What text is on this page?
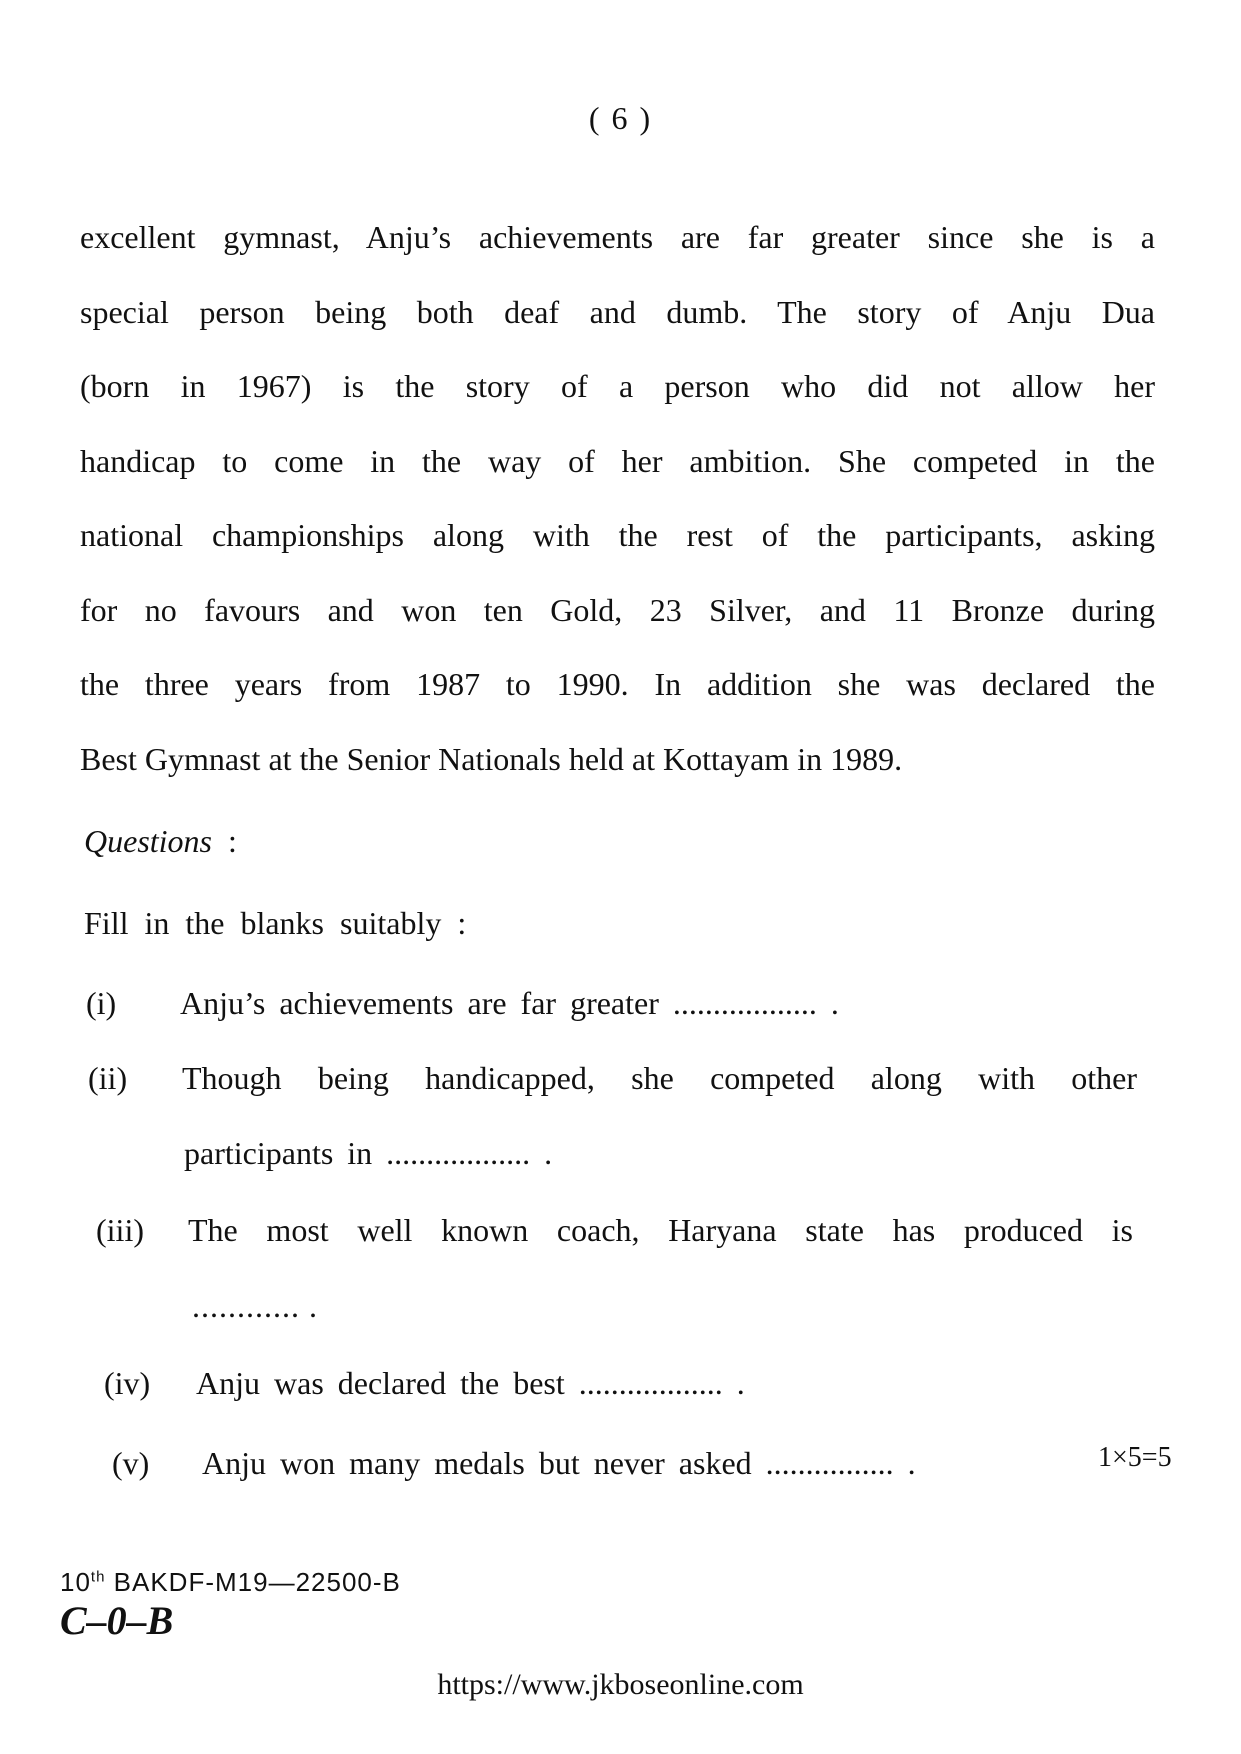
( 6 )
excellent gymnast, Anju’s achievements are far greater since she is a
special person being both deaf and dumb. The story of Anju Dua
(born in 1967) is the story of a person who did not allow her
handicap to come in the way of her ambition. She competed in the
national championships along with the rest of the participants, asking
for no favours and won ten Gold, 23 Silver, and 11 Bronze during
the three years from 1987 to 1990. In addition she was declared the
Best Gymnast at the Senior Nationals held at Kottayam in 1989.
Questions :
Fill in the blanks suitably :
(i) Anju’s achievements are far greater .................. .
(ii) Though being handicapped, she competed along with other
participants in .................. .
(iii) The most well known coach, Haryana state has produced is
............ .
(iv) Anju was declared the best .................. .
(v) Anju won many medals but never asked ................ .	1×5=5
10th BAKDF-M19—22500-B
C–0–B
https://www.jkboseonline.com
